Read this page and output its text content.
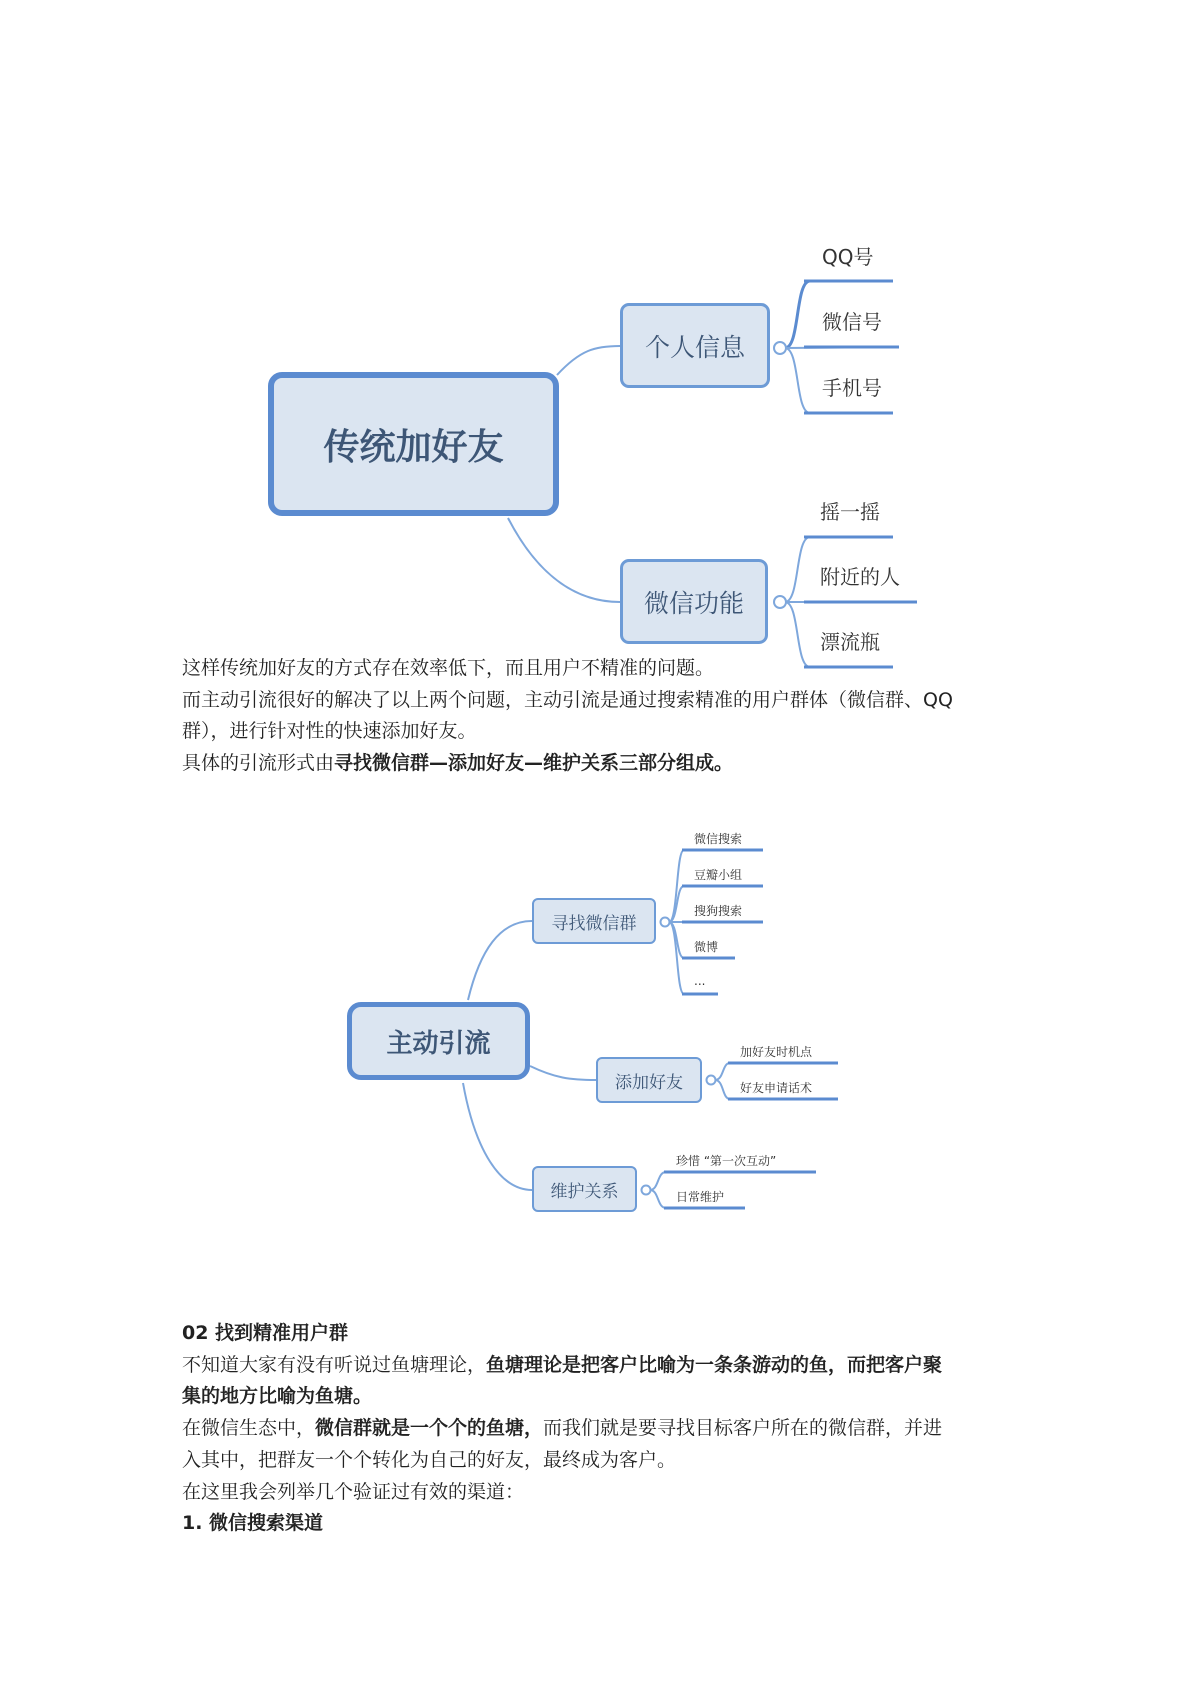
传统加好友
个人信息
微信功能
QQ号
微信号
手机号
摇一摇
附近的人
漂流瓶
这样传统加好友的方式存在效率低下，而且用户不精准的问题。
而主动引流很好的解决了以上两个问题，主动引流是通过搜索精准的用户群体（微信群、QQ
群），进行针对性的快速添加好友。
具体的引流形式由寻找微信群—添加好友—维护关系三部分组成。
主动引流
寻找微信群
添加好友
维护关系
微信搜索
豆瓣小组
搜狗搜索
微博
...
加好友时机点
好友申请话术
珍惜 “第一次互动”
日常维护
02 找到精准用户群
不知道大家有没有听说过鱼塘理论，鱼塘理论是把客户比喻为一条条游动的鱼，而把客户聚
集的地方比喻为鱼塘。
在微信生态中，微信群就是一个个的鱼塘，而我们就是要寻找目标客户所在的微信群，并进
入其中，把群友一个个转化为自己的好友，最终成为客户。
在这里我会列举几个验证过有效的渠道：
1. 微信搜索渠道
